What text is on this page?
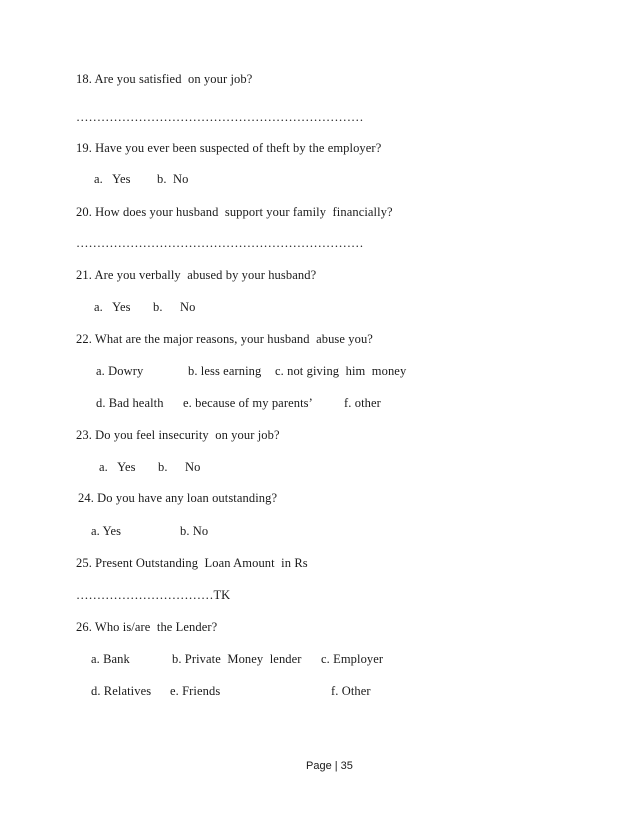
18. Are you satisfied  on your job?
……………………………………………………………
19. Have you ever been suspected of theft by the employer?
a.   Yes b.  No
20. How does your husband  support your family  financially?
……………………………………………………………
21. Are you verbally  abused by your husband?
a.   Yes b. No
22. What are the major reasons, your husband  abuse you?
a. Dowry	b. less earning c. not giving  him  money
d. Bad health e. because of my parents’ f. other
23. Do you feel insecurity  on your job?
a.   Yes b. No
24. Do you have any loan outstanding?
a. Yes	b. No
25. Present Outstanding  Loan Amount  in Rs
……………………………TK
26. Who is/are  the Lender?
a. Bank	b. Private  Money  lender c. Employer
d. Relatives e. Friends	f. Other
Page | 35
